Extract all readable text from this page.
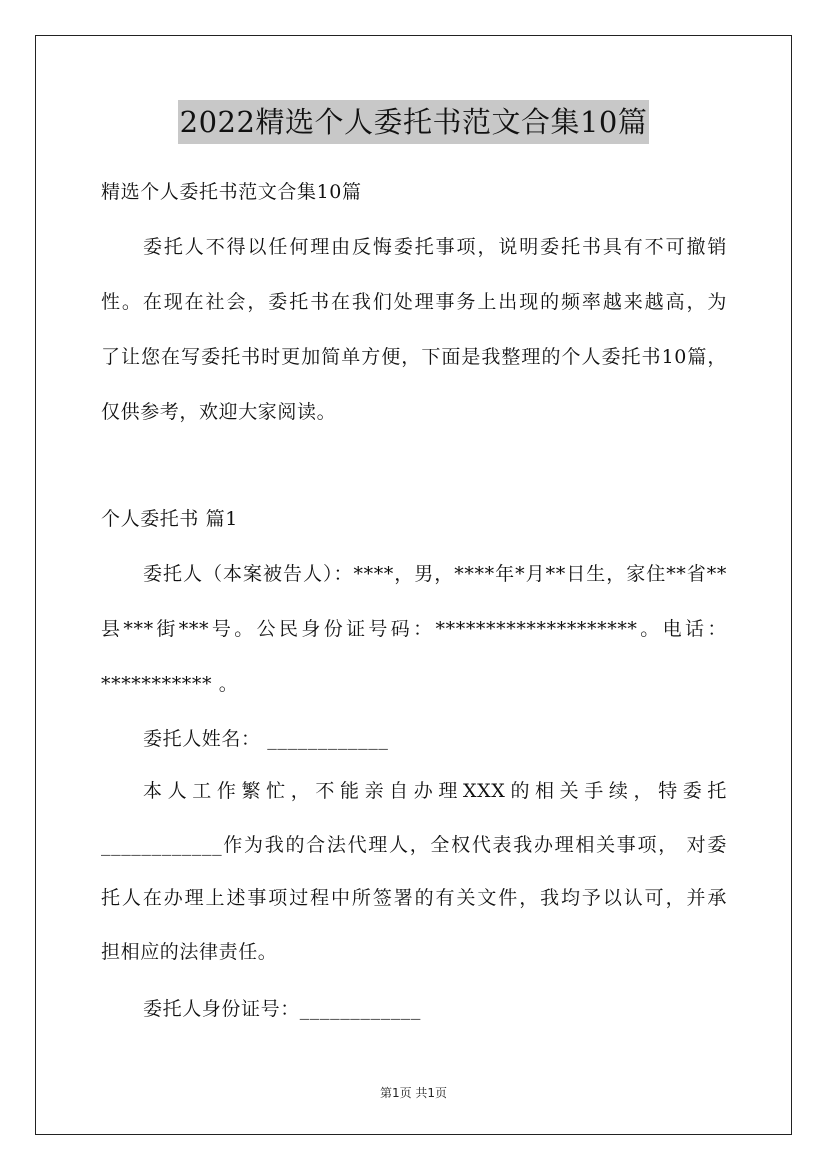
2022精选个人委托书范文合集10篇
精选个人委托书范文合集10篇
委托人不得以任何理由反悔委托事项，说明委托书具有不可撤销
性。在现在社会，委托书在我们处理事务上出现的频率越来越高，为
了让您在写委托书时更加简单方便，下面是我整理的个人委托书10篇，
仅供参考，欢迎大家阅读。
个人委托书 篇1
委托人（本案被告人）：****，男，****年*月**日生，家住**省**
县***街***号。公民身份证号码：********************。电话：
*********** 。
委托人姓名： ____________
本人工作繁忙，不能亲自办理XXX的相关手续，特委托
____________作为我的合法代理人，全权代表我办理相关事项， 对委
托人在办理上述事项过程中所签署的有关文件，我均予以认可，并承
担相应的法律责任。
委托人身份证号：____________
第1页 共1页
